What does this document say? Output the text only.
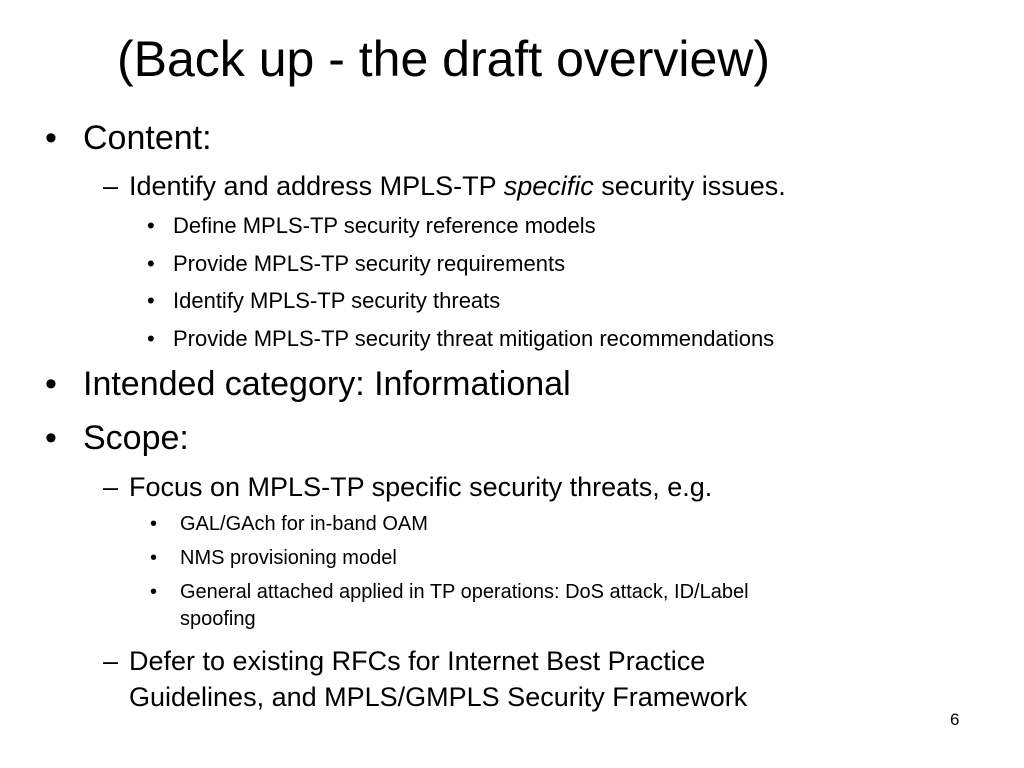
(Back up - the draft overview)
• Content:
– Identify and address MPLS-TP specific security issues.
• Define MPLS-TP security reference models
• Provide MPLS-TP security requirements
• Identify MPLS-TP security threats
• Provide MPLS-TP security threat mitigation recommendations
• Intended category: Informational
• Scope:
– Focus on MPLS-TP specific security threats, e.g.
• GAL/GAch for in-band OAM
• NMS provisioning model
• General attached applied in TP operations: DoS attack, ID/Label
spoofing
– Defer to existing RFCs for Internet Best Practice
Guidelines, and MPLS/GMPLS Security Framework
6
